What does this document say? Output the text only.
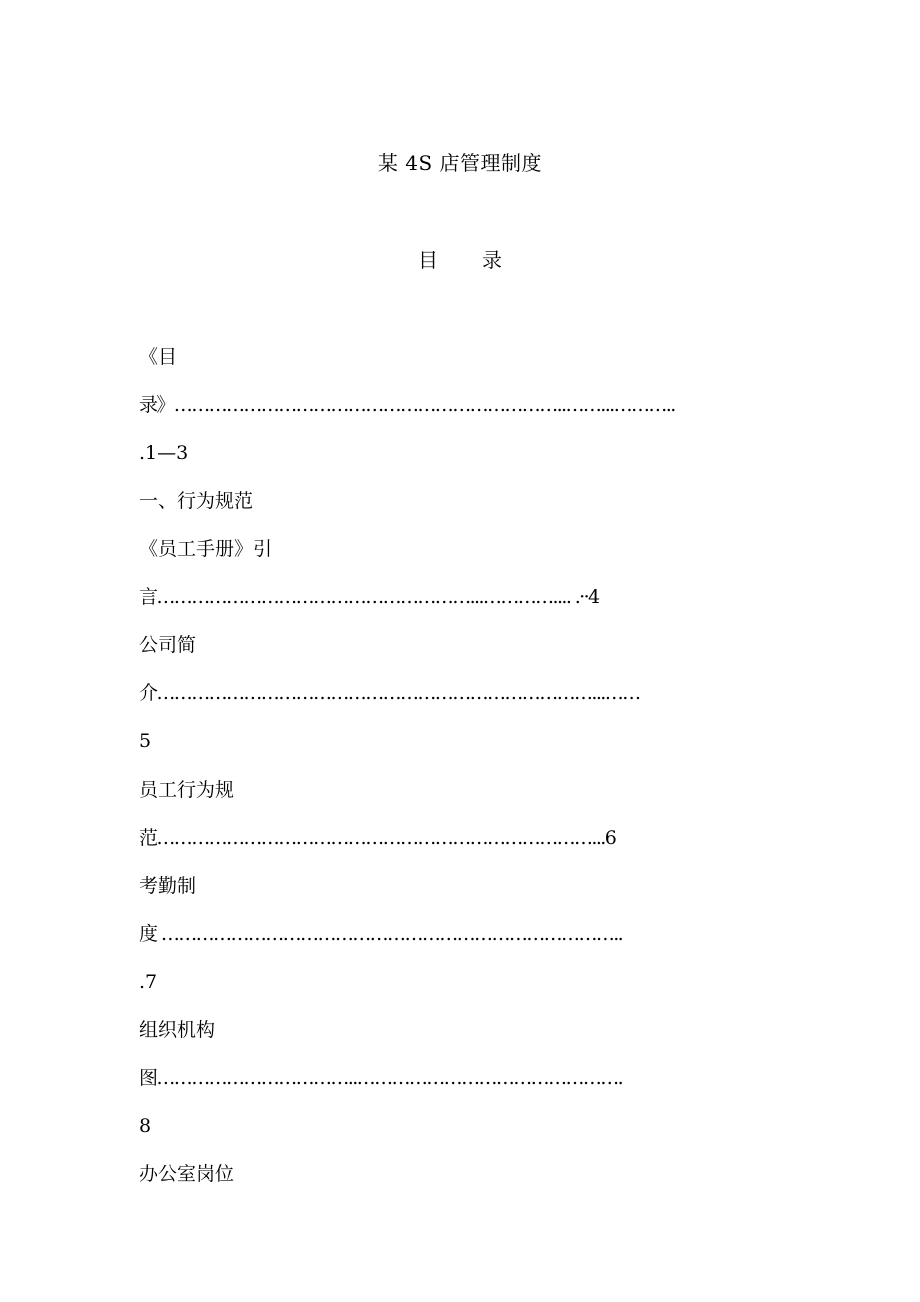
某 4S 店管理制度
目 录
《目
录》…………………………………………………………..……...………..
.1—3
一、行为规范
《员工手册》引
言………………………………………………...………….... .··4
公司简
介…………………………………………………………………...……
5
员工行为规
范…………………………………………………………………...6
考勤制
度 ……………………………………………………………………..
.7
组织机构
图……………………………..……………………………………….
8
办公室岗位
